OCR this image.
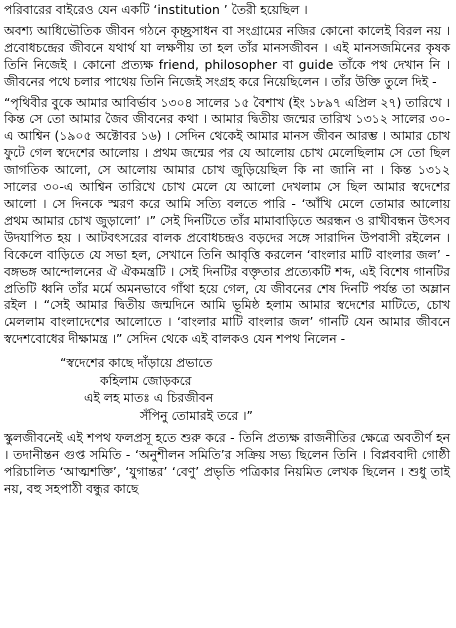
পরিবারের বাইরেও যেন একটি ‘institution ’ তৈরী হয়েছিল ।

অবশ্য আধিভৌতিক জীবন গঠনে কৃচ্ছ্রসাধন বা সংগ্রামের নজির কোনো কালেই বিরল নয় । প্রবোধচন্দ্রের জীবনে যথার্থ যা লক্ষণীয় তা হল তাঁর মানসজীবন । এই মানসজমিনের কৃষক তিনি নিজেই । কোনো প্রত্যক্ষ friend, philosopher বা guide তাঁকে পথ দেখান নি । জীবনের পথে চলার পাথেয় তিনি নিজেই সংগ্রহ করে নিয়েছিলেন । তাঁর উক্তি তুলে দিই -

“পৃথিবীর বুকে আমার আবির্ভাব ১৩০৪ সালের ১৫ বৈশাখ (ইং ১৮৯৭ এপ্রিল ২৭) তারিখে । কিন্ত সে তো আমার জৈব জীবনের কথা । আমার দ্বিতীয় জন্মের তারিখ ১৩১২ সালের ৩০-এ আশ্বিন (১৯০৫ অক্টোবর ১৬) । সেদিন থেকেই আমার মানস জীবন আরম্ভ । আমার চোখ ফুটে গেল স্বদেশের আলোয় । প্রথম জন্মের পর যে আলোয় চোখ মেলেছিলাম সে তো ছিল জাগতিক আলো, সে আলোয় আমার চোখ জুড়িয়েছিল কি না জানি না । কিন্ত ১৩১২ সালের ৩০-এ আশ্বিন তারিখে চোখ মেলে যে আলো দেখলাম সে ছিল আমার স্বদেশের আলো । সে দিনকে স্মরণ করে আমি সত্যি বলতে পারি - ‘আঁখি মেলে তোমার আলোয় প্রথম আমার চোখ জুড়ালো’ ।” সেই দিনটিতে তাঁর মামাবাড়িতে অরন্ধন ও রাখীবন্ধন উৎসব উদযাপিত হয় । আটবৎসরের বালক প্রবোধচন্দ্রও বড়দের সঙ্গে সারাদিন উপবাসী রইলেন । বিকেলে বাড়িতে যে সভা হল, সেখানে তিনি আবৃত্তি করলেন ‘বাংলার মাটি বাংলার জল’ - বঙ্গভঙ্গ আন্দোলনের ঐ ঐকমন্ত্রটি । সেই দিনটির বক্তৃতার প্রত্যেকটি শব্দ, এই বিশেষ গানটির প্রতিটি ধ্বনি তাঁর মর্মে অমনভাবে গাঁথা হয়ে গেল, যে জীবনের শেষ দিনটি পর্যন্ত তা অম্লান রইল । “সেই আমার দ্বিতীয় জন্মদিনে আমি ভূমিষ্ঠ হলাম আমার স্বদেশের মাটিতে, চোখ মেললাম বাংলাদেশের আলোতে । ‘বাংলার মাটি বাংলার জল’ গানটি যেন আমার জীবনে স্বদেশবোধের দীক্ষামন্ত্র ।” সেদিন থেকে এই বালকও যেন শপথ নিলেন -

“স্বদেশের কাছে দাঁড়ায়ে প্রভাতে
কহিলাম জোড়করে
এই লহ মাতঃ এ চিরজীবন
সঁপিনু তোমারই তরে ।”

স্কুলজীবনেই এই শপথ ফলপ্রসূ হতে শুরু করে - তিনি প্রত্যক্ষ রাজনীতির ক্ষেত্রে অবতীর্ণ হন । তদানীন্তন গুপ্ত সমিতি - ‘অনুশীলন সমিতি’র সক্রিয় সভ্য ছিলেন তিনি । বিপ্লববাদী গোষ্ঠী পরিচালিত ‘আত্মশক্তি’, ‘যুগান্তর’ ‘বেণু’ প্রভৃতি পত্রিকার নিয়মিত লেখক ছিলেন । শুধু তাই নয়, বহু সহপাঠী বন্ধুর কাছে
